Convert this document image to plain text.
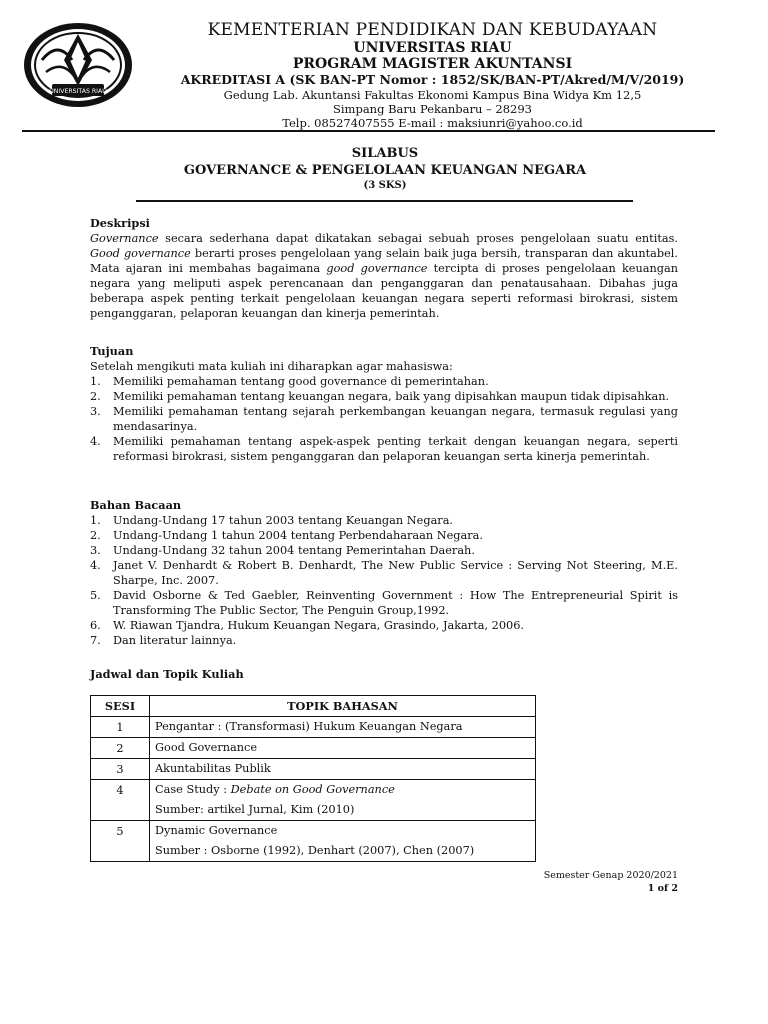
UNIVERSITAS RIAU
KEMENTERIAN PENDIDIKAN DAN KEBUDAYAAN
UNIVERSITAS RIAU
PROGRAM MAGISTER AKUNTANSI
AKREDITASI A (SK BAN-PT Nomor : 1852/SK/BAN-PT/Akred/M/V/2019)
Gedung Lab. Akuntansi Fakultas Ekonomi Kampus Bina Widya Km 12,5
Simpang Baru Pekanbaru – 28293
Telp. 08527407555 E-mail : maksiunri@yahoo.co.id
SILABUS
GOVERNANCE & PENGELOLAAN KEUANGAN NEGARA
(3 SKS)
Deskripsi
Governance secara sederhana dapat dikatakan sebagai sebuah proses pengelolaan suatu entitas. Good governance berarti proses pengelolaan yang selain baik juga bersih, transparan dan akuntabel. Mata ajaran ini membahas bagaimana good governance tercipta di proses pengelolaan keuangan negara yang meliputi aspek perencanaan dan penganggaran dan penatausahaan. Dibahas juga beberapa aspek penting terkait pengelolaan keuangan negara seperti reformasi birokrasi, sistem penganggaran, pelaporan keuangan dan kinerja pemerintah.
Tujuan
Setelah mengikuti mata kuliah ini diharapkan agar mahasiswa:
1. Memiliki pemahaman tentang good governance di pemerintahan.
2. Memiliki pemahaman tentang keuangan negara, baik yang dipisahkan maupun tidak dipisahkan.
3. Memiliki pemahaman tentang sejarah perkembangan keuangan negara, termasuk regulasi yang mendasarinya.
4. Memiliki pemahaman tentang aspek-aspek penting terkait dengan keuangan negara, seperti reformasi birokrasi, sistem penganggaran dan pelaporan keuangan serta kinerja pemerintah.
Bahan Bacaan
1. Undang-Undang 17 tahun 2003 tentang Keuangan Negara.
2. Undang-Undang 1 tahun 2004 tentang Perbendaharaan Negara.
3. Undang-Undang 32 tahun 2004 tentang Pemerintahan Daerah.
4. Janet V. Denhardt & Robert B. Denhardt, The New Public Service : Serving Not Steering, M.E. Sharpe, Inc. 2007.
5. David Osborne & Ted Gaebler, Reinventing Government : How The Entrepreneurial Spirit is Transforming The Public Sector, The Penguin Group,1992.
6. W. Riawan Tjandra, Hukum Keuangan Negara, Grasindo, Jakarta, 2006.
7. Dan literatur lainnya.
Jadwal dan Topik Kuliah
SESI	TOPIK BAHASAN
1	Pengantar : (Transformasi) Hukum Keuangan Negara

2	Good Governance

3	Akuntabilitas Publik

4	Case Study : Debate on Good Governance
Sumber: artikel Jurnal, Kim (2010)

5	Dynamic Governance
Sumber : Osborne (1992), Denhart (2007), Chen (2007)
Semester Genap 2020/2021
1 of 2
